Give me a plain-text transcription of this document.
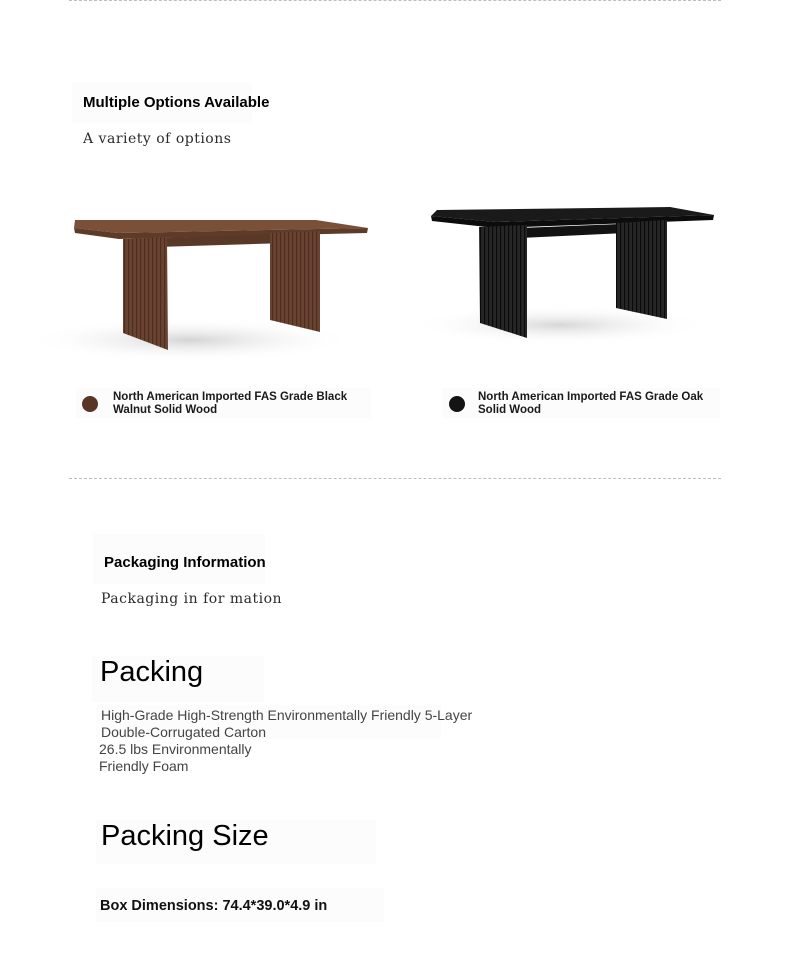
Multiple Options Available
A variety of options
North American Imported FAS Grade Black Walnut Solid Wood
North American Imported FAS Grade Oak Solid Wood
Packaging Information
Packaging in for mation
Packing
High-Grade High-Strength Environmentally Friendly 5-Layer Double-Corrugated Carton
26.5 lbs Environmentally Friendly Foam
Packing Size
Box Dimensions: 74.4*39.0*4.9 in
